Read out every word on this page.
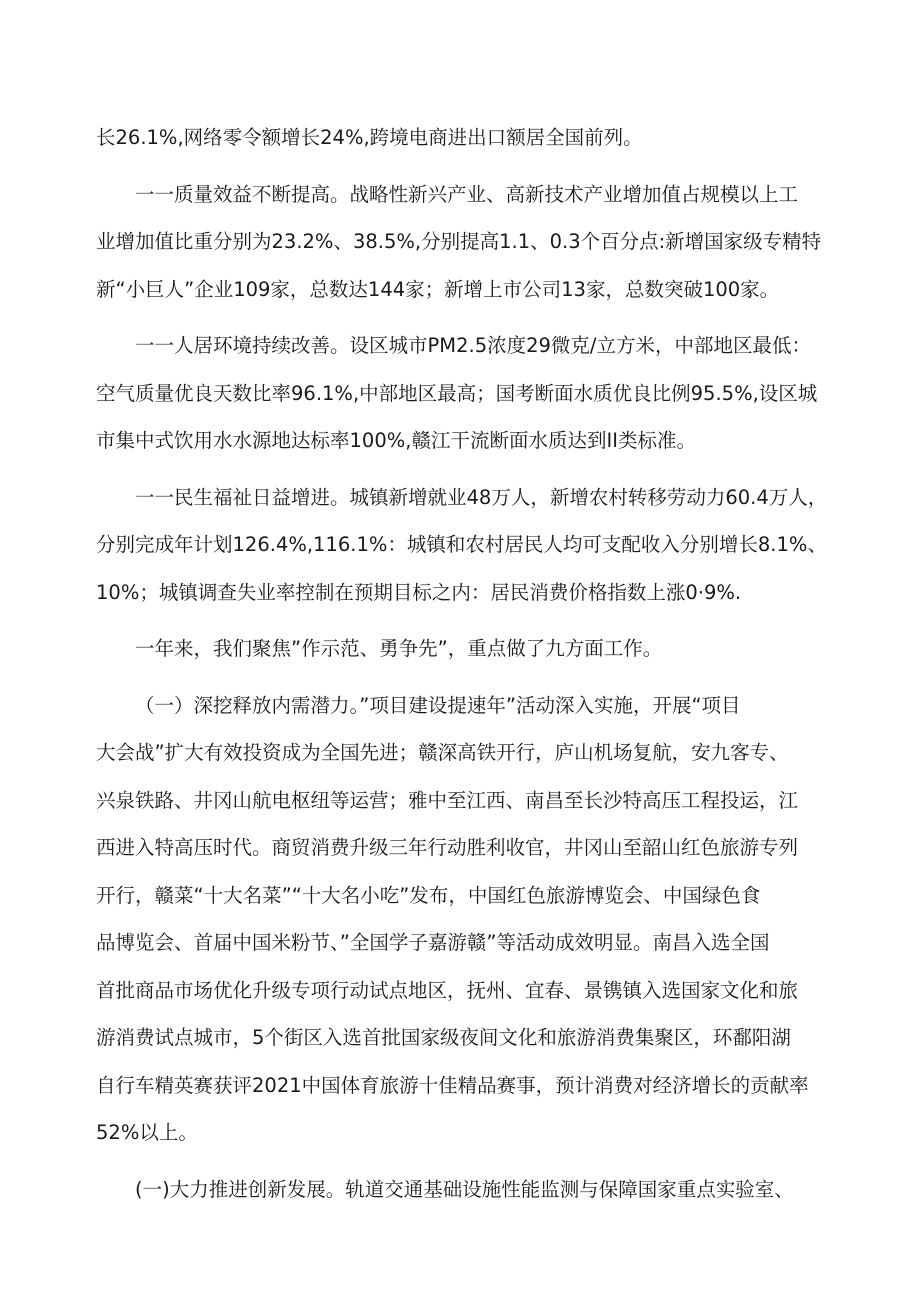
长26.1%,网络零令额增长24%,跨境电商进出口额居全国前列。

一一质量效益不断提高。战略性新兴产业、高新技术产业增加值占规模以上工
业增加值比重分别为23.2%、38.5%,分别提高1.1、0.3个百分点:新增国家级专精特
新“小巨人”企业109家，总数达144家；新增上市公司13家，总数突破100家。

一一人居环境持续改善。设区城市PM2.5浓度29微克/立方米，中部地区最低：
空气质量优良天数比率96.1%,中部地区最高；国考断面水质优良比例95.5%,设区城
市集中式饮用水水源地达标率100%,赣江干流断面水质达到II类标准。

一一民生福祉日益增进。城镇新增就业48万人，新增农村转移劳动力60.4万人，
分别完成年计划126.4%,116.1%：城镇和农村居民人均可支配收入分别增长8.1%、
10%；城镇调查失业率控制在预期目标之内：居民消费价格指数上涨0·9%.

一年来，我们聚焦”作示范、勇争先”，重点做了九方面工作。

（一）深挖释放内需潜力。”项目建设提速年”活动深入实施，开展“项目
大会战”扩大有效投资成为全国先进；赣深高铁开行，庐山机场复航，安九客专、
兴泉铁路、井冈山航电枢纽等运营；雅中至江西、南昌至长沙特高压工程投运，江
西进入特高压时代。商贸消费升级三年行动胜利收官，井冈山至韶山红色旅游专列
开行，赣菜“十大名菜”“十大名小吃”发布，中国红色旅游博览会、中国绿色食
品博览会、首届中国米粉节、”全国学子嘉游赣”等活动成效明显。南昌入选全国
首批商品市场优化升级专项行动试点地区，抚州、宜春、景镌镇入选国家文化和旅
游消费试点城市，5个街区入选首批国家级夜间文化和旅游消费集聚区，环鄱阳湖
自行车精英赛获评2021中国体育旅游十佳精品赛事，预计消费对经济增长的贡献率
52%以上。

(一)大力推进创新发展。轨道交通基础设施性能监测与保障国家重点实验室、
